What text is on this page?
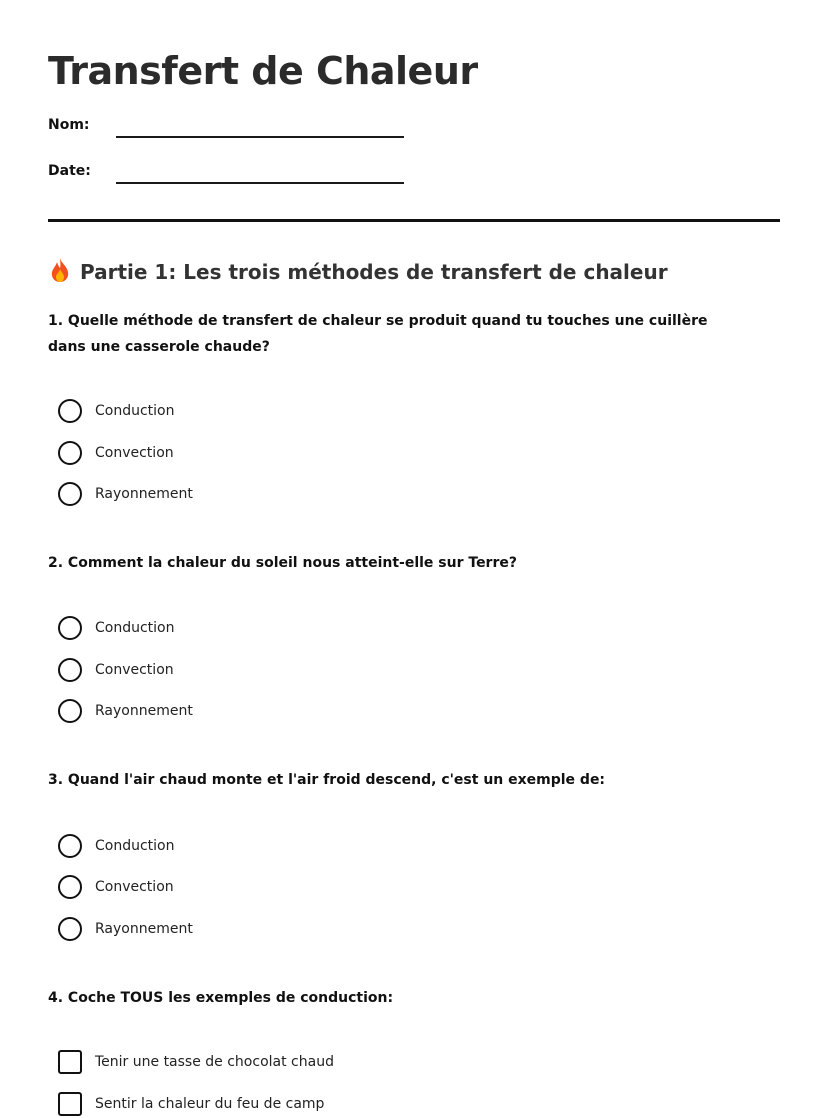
Transfert de Chaleur
Nom:
Date:
Partie 1: Les trois méthodes de transfert de chaleur

1. Quelle méthode de transfert de chaleur se produit quand tu touches une cuillère dans une casserole chaude?

Conduction
Convection
Rayonnement

2. Comment la chaleur du soleil nous atteint-elle sur Terre?

Conduction
Convection
Rayonnement

3. Quand l'air chaud monte et l'air froid descend, c'est un exemple de:

Conduction
Convection
Rayonnement

4. Coche TOUS les exemples de conduction:

Tenir une tasse de chocolat chaud
Sentir la chaleur du feu de camp
